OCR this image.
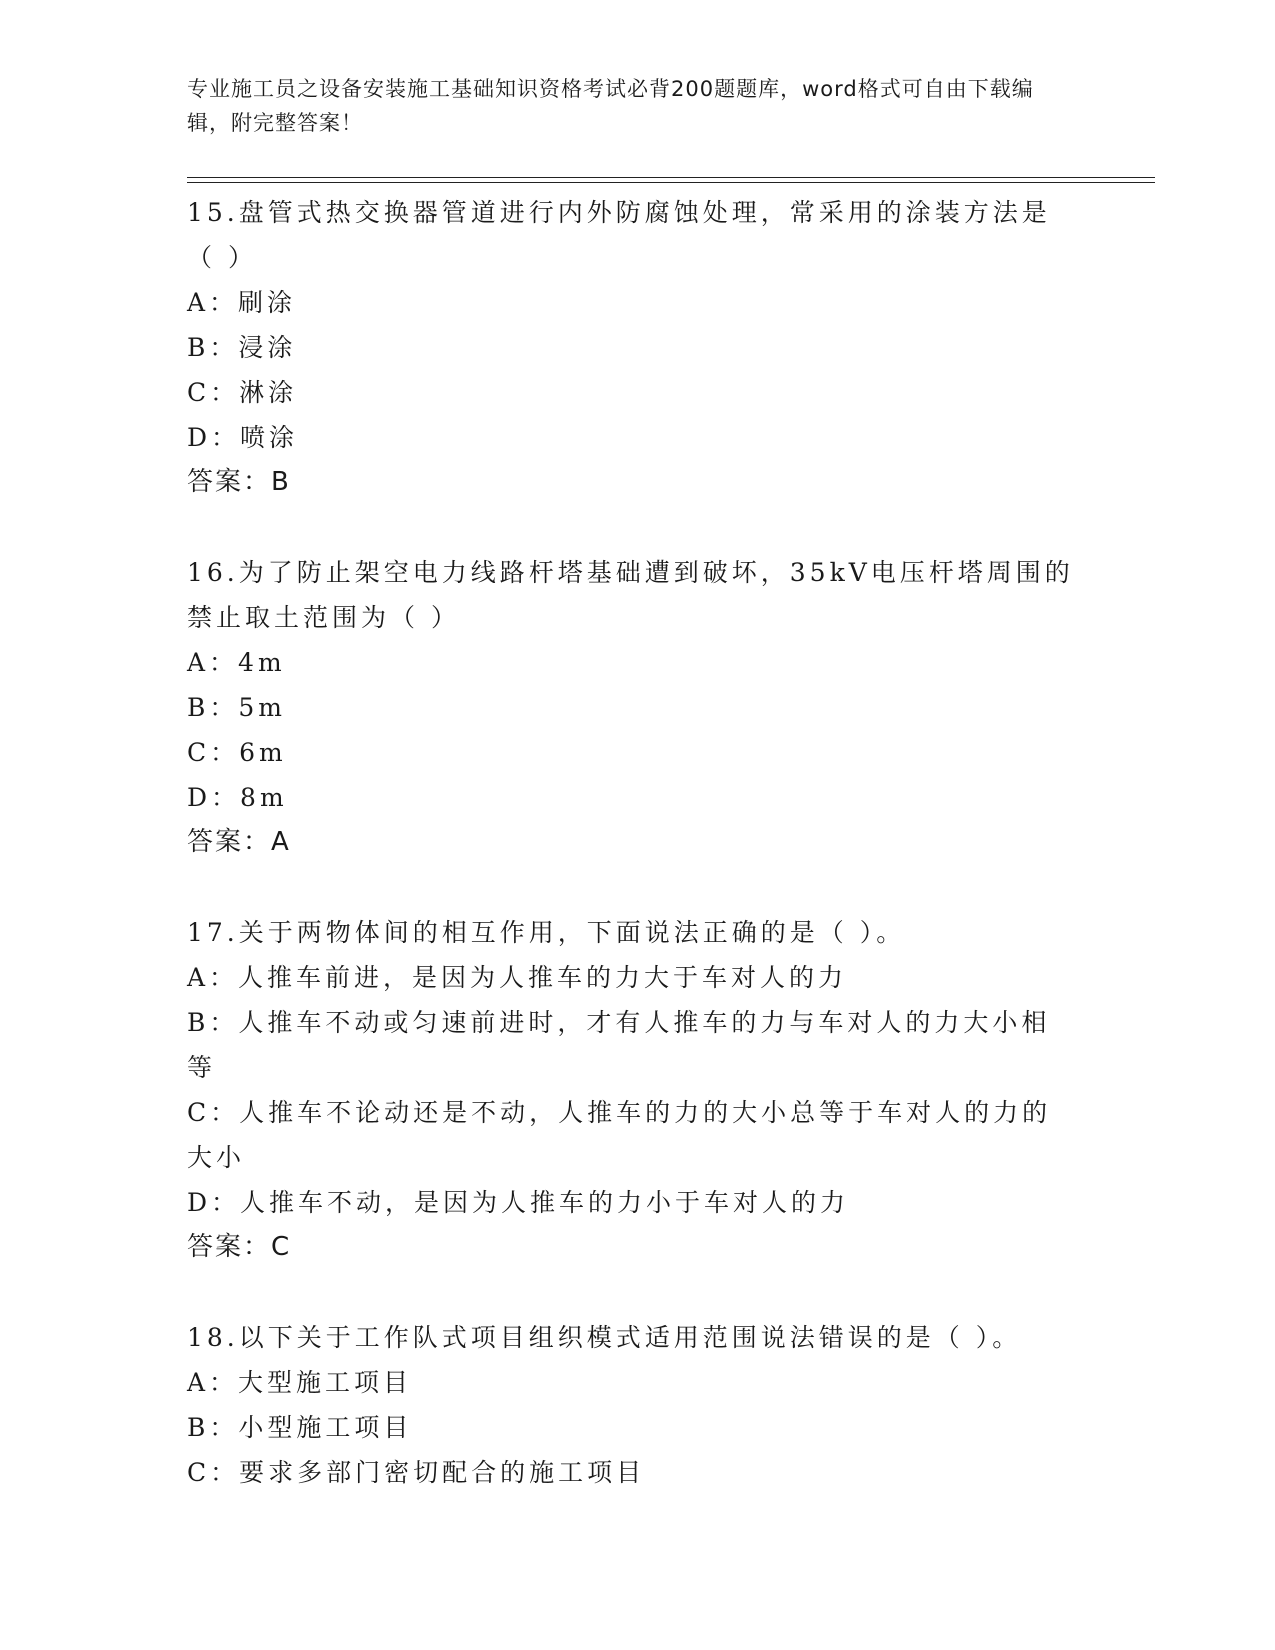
专业施工员之设备安装施工基础知识资格考试必背200题题库，word格式可自由下载编辑，附完整答案！
15.盘管式热交换器管道进行内外防腐蚀处理，常采用的涂装方法是（ ）
A：刷涂
B：浸涂
C：淋涂
D：喷涂
答案：B
16.为了防止架空电力线路杆塔基础遭到破坏，35kV电压杆塔周围的禁止取土范围为（ ）
A：4m
B：5m
C：6m
D：8m
答案：A
17.关于两物体间的相互作用，下面说法正确的是（ ）。
A：人推车前进，是因为人推车的力大于车对人的力
B：人推车不动或匀速前进时，才有人推车的力与车对人的力大小相等
C：人推车不论动还是不动，人推车的力的大小总等于车对人的力的大小
D：人推车不动，是因为人推车的力小于车对人的力
答案：C
18.以下关于工作队式项目组织模式适用范围说法错误的是（ ）。
A：大型施工项目
B：小型施工项目
C：要求多部门密切配合的施工项目
